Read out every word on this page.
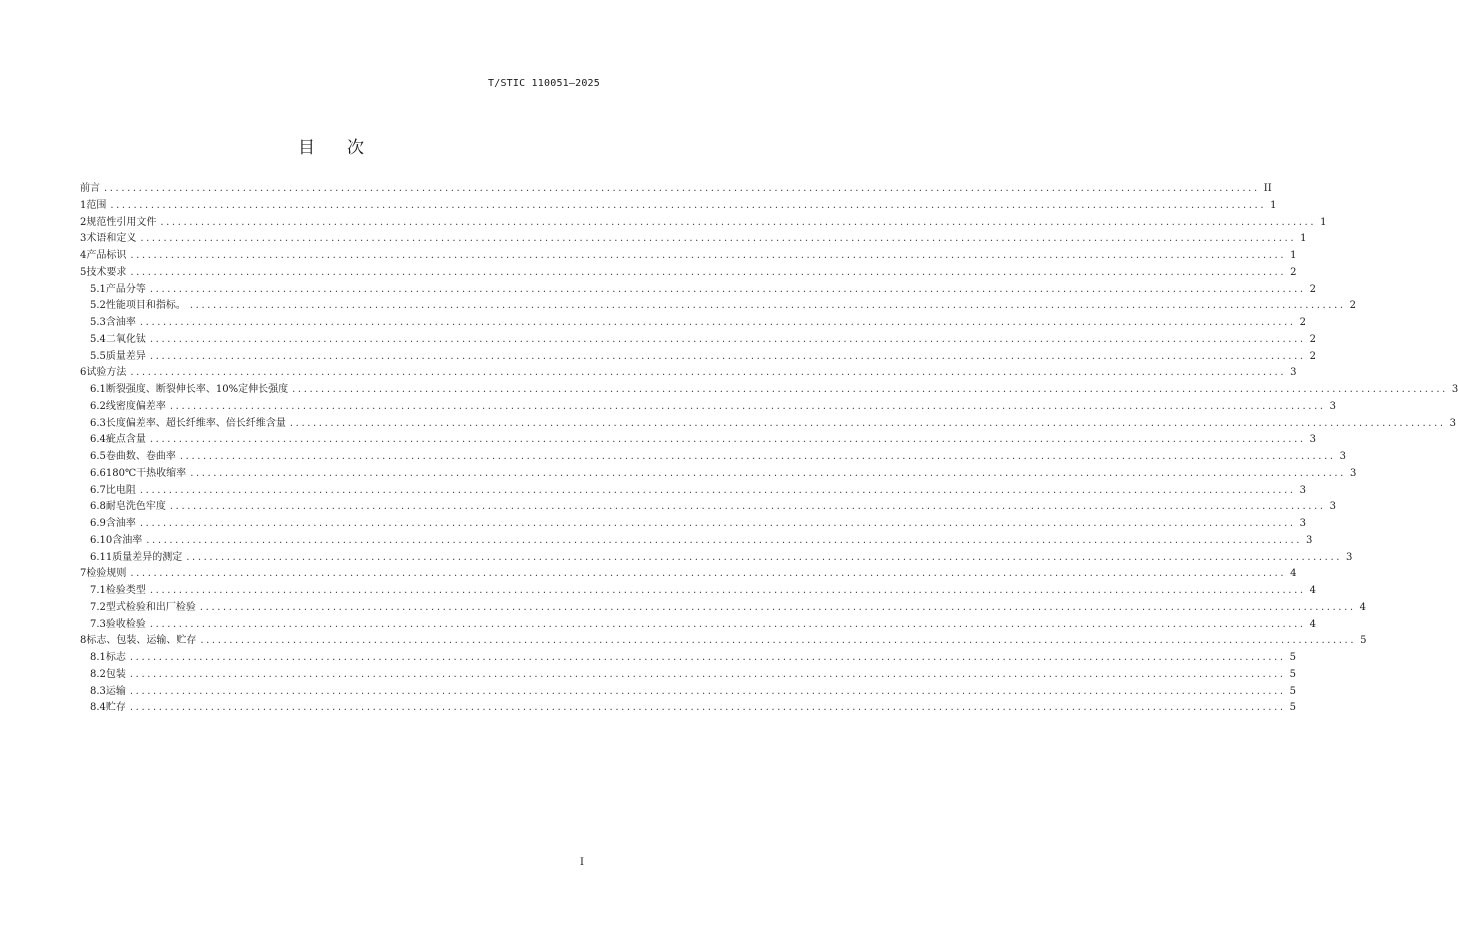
T/STIC 110051—2025
目 次
前言 ........................................................................................................................................................................................................ II
1 范围 ........................................................................................................................................................................................................ 1
2 规范性引用文件 ........................................................................................................................................................................................................ 1
3 术语和定义 ........................................................................................................................................................................................................ 1
4 产品标识 ........................................................................................................................................................................................................ 1
5 技术要求 ........................................................................................................................................................................................................ 2
5.1 产品分等 ........................................................................................................................................................................................................ 2
5.2 性能项目和指标。 ........................................................................................................................................................................................................ 2
5.3 含油率 ........................................................................................................................................................................................................ 2
5.4 二氧化钛 ........................................................................................................................................................................................................ 2
5.5 质量差异 ........................................................................................................................................................................................................ 2
6 试验方法 ........................................................................................................................................................................................................ 3
6.1 断裂强度、断裂伸长率、10%定伸长强度 ........................................................................................................................................................................................................ 3
6.2 线密度偏差率 ........................................................................................................................................................................................................ 3
6.3 长度偏差率、超长纤维率、倍长纤维含量 ........................................................................................................................................................................................................ 3
6.4 疵点含量 ........................................................................................................................................................................................................ 3
6.5 卷曲数、卷曲率 ........................................................................................................................................................................................................ 3
6.6 180℃干热收缩率 ........................................................................................................................................................................................................ 3
6.7 比电阻 ........................................................................................................................................................................................................ 3
6.8 耐皂洗色牢度 ........................................................................................................................................................................................................ 3
6.9 含油率 ........................................................................................................................................................................................................ 3
6.10 含油率 ........................................................................................................................................................................................................ 3
6.11 质量差异的测定 ........................................................................................................................................................................................................ 3
7 检验规则 ........................................................................................................................................................................................................ 4
7.1 检验类型 ........................................................................................................................................................................................................ 4
7.2 型式检验和出厂检验 ........................................................................................................................................................................................................ 4
7.3 验收检验 ........................................................................................................................................................................................................ 4
8 标志、包装、运输、贮存 ........................................................................................................................................................................................................ 5
8.1 标志 ........................................................................................................................................................................................................ 5
8.2 包装 ........................................................................................................................................................................................................ 5
8.3 运输 ........................................................................................................................................................................................................ 5
8.4 贮存 ........................................................................................................................................................................................................ 5
I
